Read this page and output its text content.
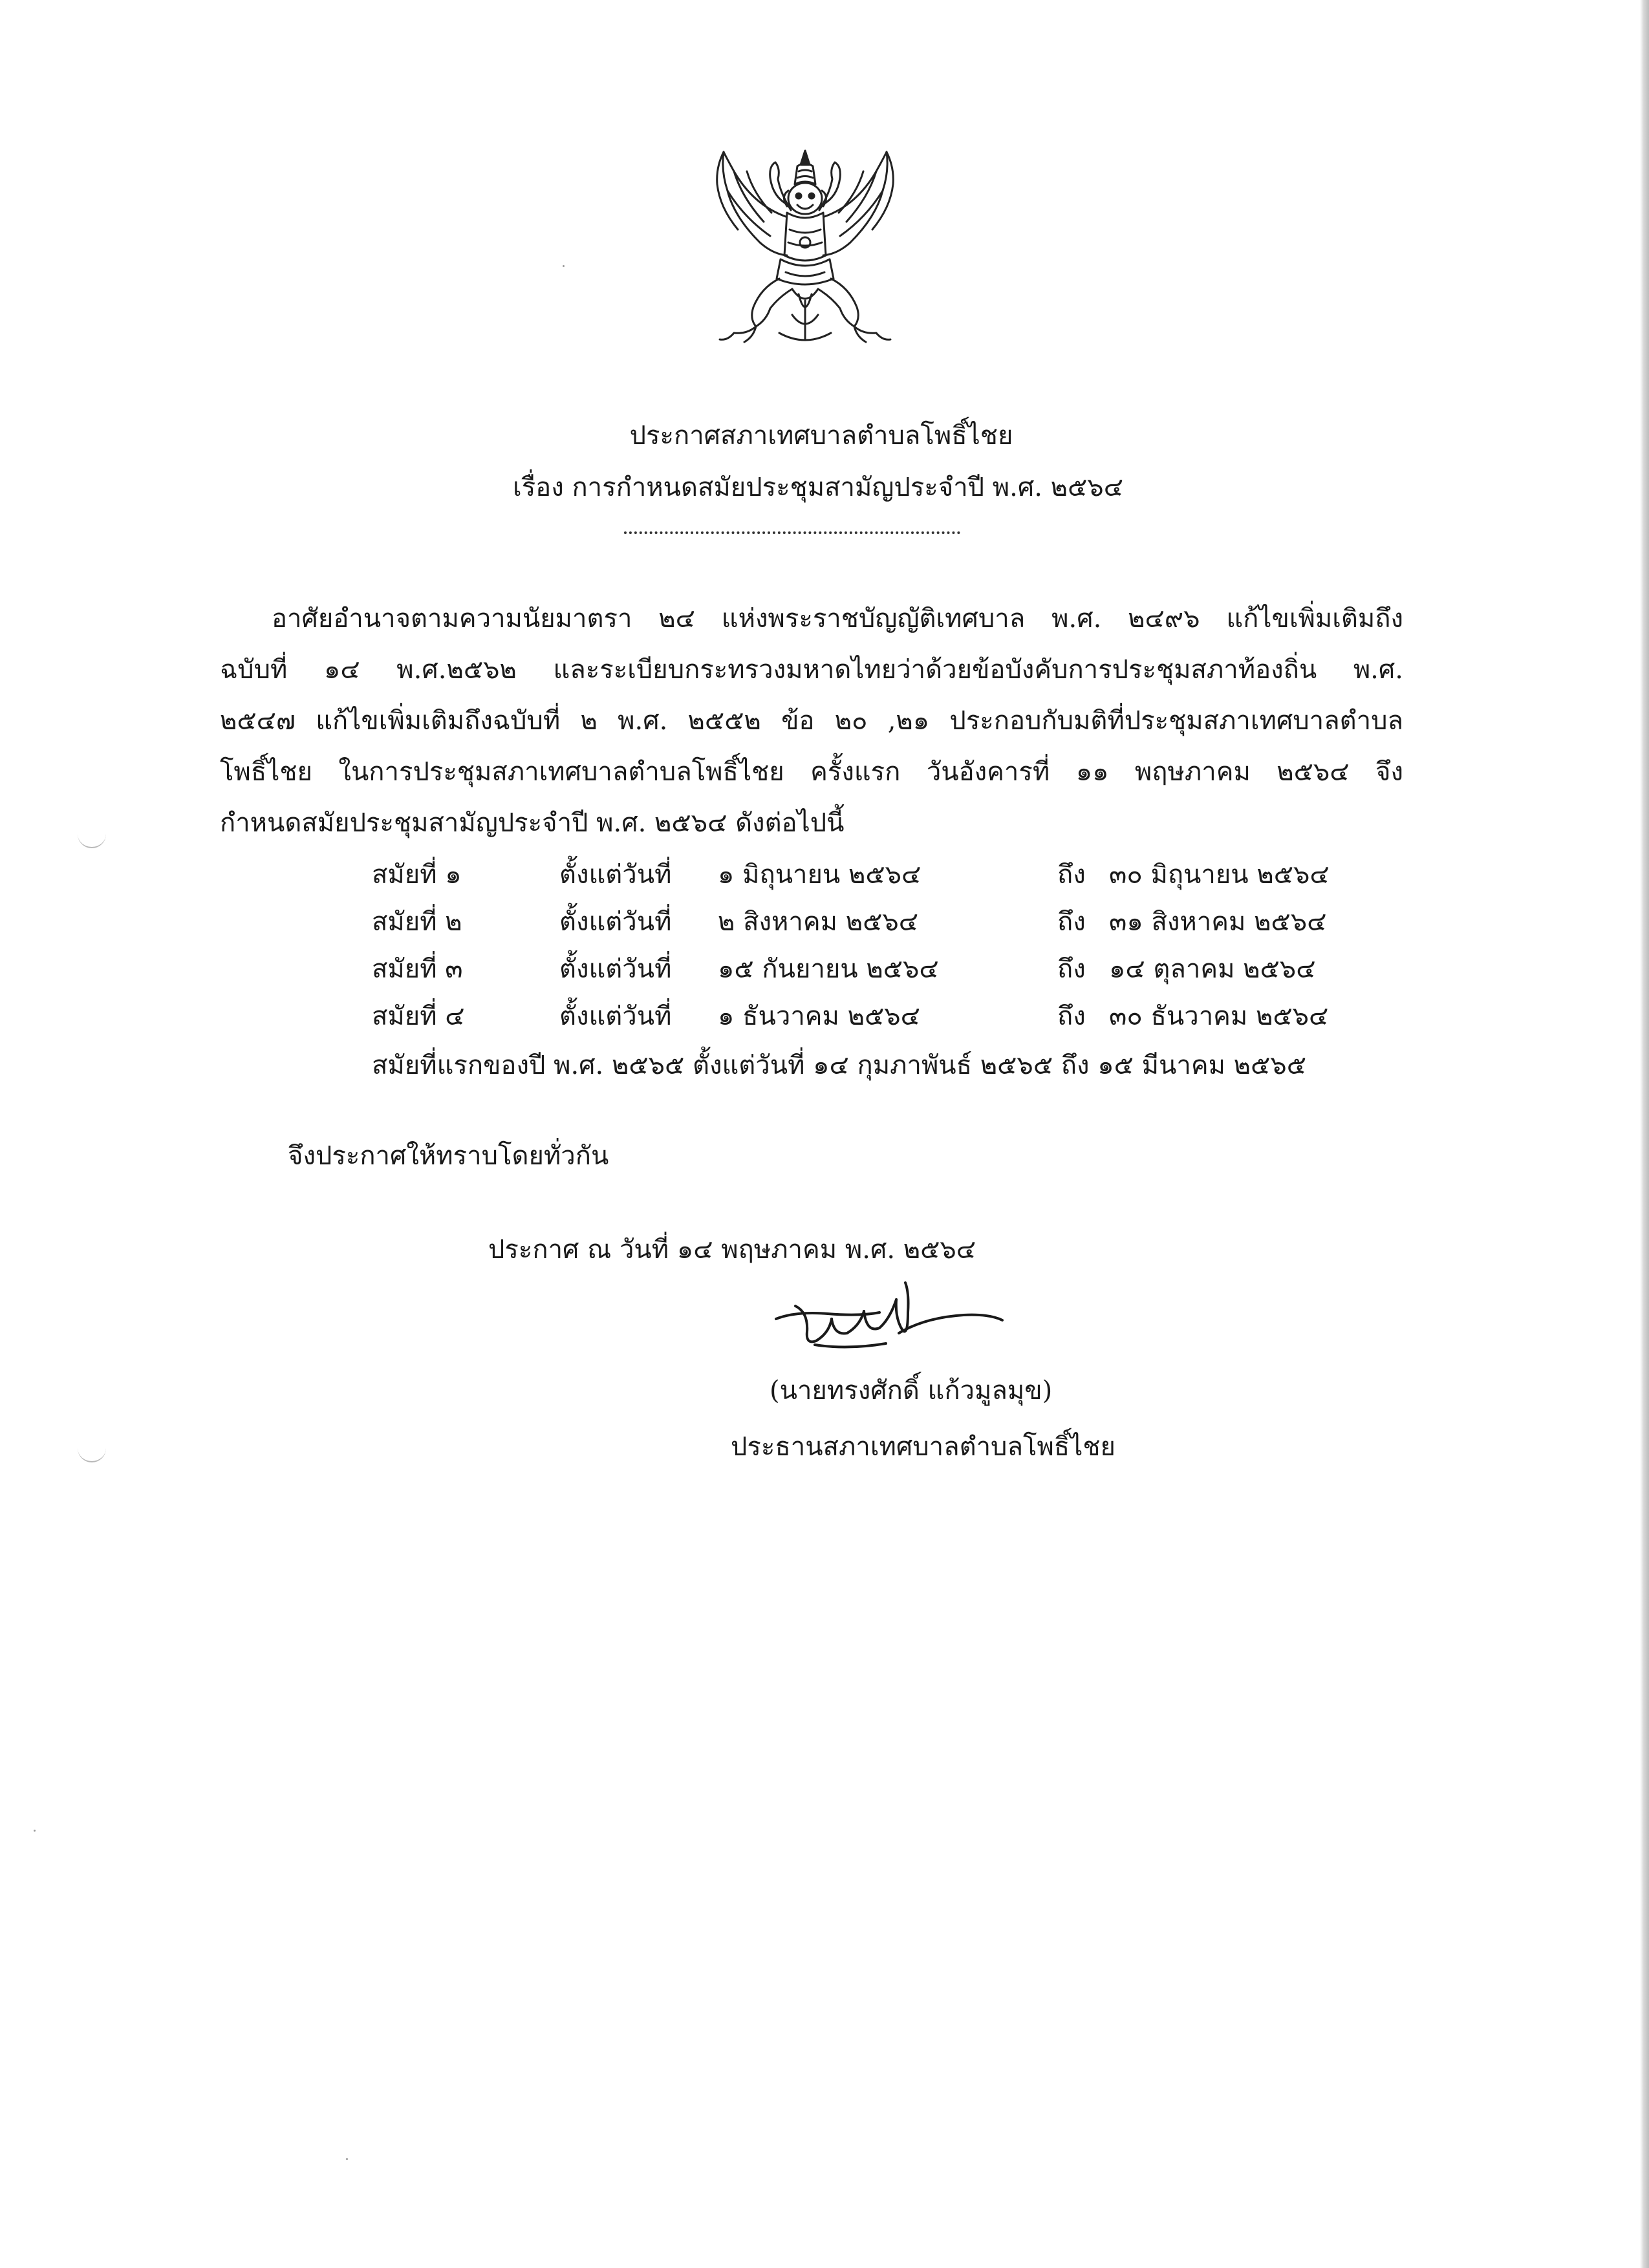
ประกาศสภาเทศบาลตำบลโพธิ์ไชย
เรื่อง การกำหนดสมัยประชุมสามัญประจำปี พ.ศ. ๒๕๖๔
อาศัยอำนาจตามความนัยมาตรา ๒๔ แห่งพระราชบัญญัติเทศบาล พ.ศ. ๒๔๙๖ แก้ไขเพิ่มเติมถึง
ฉบับที่ ๑๔ พ.ศ.๒๕๖๒ และระเบียบกระทรวงมหาดไทยว่าด้วยข้อบังคับการประชุมสภาท้องถิ่น พ.ศ.
๒๕๔๗ แก้ไขเพิ่มเติมถึงฉบับที่ ๒ พ.ศ. ๒๕๕๒ ข้อ ๒๐ ,๒๑ ประกอบกับมติที่ประชุมสภาเทศบาลตำบล
โพธิ์ไชย ในการประชุมสภาเทศบาลตำบลโพธิ์ไชย ครั้งแรก วันอังคารที่ ๑๑ พฤษภาคม ๒๕๖๔ จึง
กำหนดสมัยประชุมสามัญประจำปี พ.ศ. ๒๕๖๔ ดังต่อไปนี้
สมัยที่ ๑	ตั้งแต่วันที่ ๑ มิถุนายน ๒๕๖๔	ถึง ๓๐ มิถุนายน ๒๕๖๔
สมัยที่ ๒	ตั้งแต่วันที่ ๒ สิงหาคม ๒๕๖๔	ถึง ๓๑ สิงหาคม ๒๕๖๔
สมัยที่ ๓	ตั้งแต่วันที่ ๑๕ กันยายน ๒๕๖๔	ถึง ๑๔ ตุลาคม ๒๕๖๔
สมัยที่ ๔	ตั้งแต่วันที่ ๑ ธันวาคม ๒๕๖๔	ถึง ๓๐ ธันวาคม ๒๕๖๔
สมัยที่แรกของปี พ.ศ. ๒๕๖๕ ตั้งแต่วันที่ ๑๔ กุมภาพันธ์ ๒๕๖๕ ถึง ๑๕ มีนาคม ๒๕๖๕
จึงประกาศให้ทราบโดยทั่วกัน
ประกาศ ณ วันที่ ๑๔ พฤษภาคม พ.ศ. ๒๕๖๔
(นายทรงศักดิ์ แก้วมูลมุข)
ประธานสภาเทศบาลตำบลโพธิ์ไชย
